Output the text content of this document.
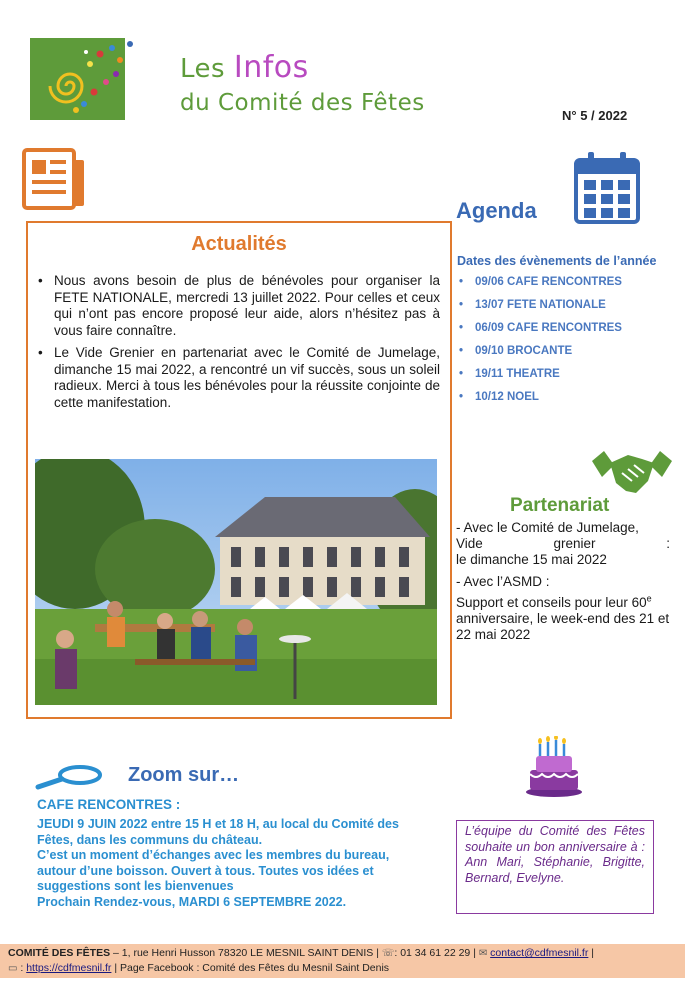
Les Infos
du Comité des Fêtes	N° 5 / 2022
Actualités
• Nous avons besoin de plus de bénévoles pour organiser la FETE NATIONALE, mercredi 13 juillet 2022. Pour celles et ceux qui n’ont pas encore proposé leur aide, alors n’hésitez pas à vous faire connaître.
• Le Vide Grenier en partenariat avec le Comité de Jumelage, dimanche 15 mai 2022, a rencontré un vif succès, sous un soleil radieux. Merci à tous les bénévoles pour la réussite conjointe de cette manifestation.
Agenda
Dates des évènements de l’année
• 09/06 CAFE RENCONTRES
• 13/07 FETE NATIONALE
• 06/09 CAFE RENCONTRES
• 09/10 BROCANTE
• 19/11 THEATRE
• 10/12 NOEL
Partenariat

- Avec le Comité de Jumelage,
Vide	grenier	:
le dimanche 15 mai 2022

- Avec l’ASMD :
Support et conseils pour leur 60e anniversaire, le week-end des 21 et 22 mai 2022

Zoom sur…
CAFE RENCONTRES :

JEUDI 9 JUIN 2022 entre 15 H et 18 H, au local du Comité des Fêtes, dans les communs du château.

C’est un moment d’échanges avec les membres du bureau, autour d’une boisson. Ouvert à tous. Toutes vos idées et suggestions sont les bienvenues

Prochain Rendez-vous, MARDI 6 SEPTEMBRE 2022.

L’équipe du Comité des Fêtes souhaite un bon anniversaire à : Ann Mari, Stéphanie, Brigitte, Bernard, Evelyne.

COMITÉ DES FÊTES – 1, rue Henri Husson 78320 LE MESNIL SAINT DENIS | ☏: 01 34 61 22 29 | ✉ contact@cdfmesnil.fr |
▭ : https://cdfmesnil.fr | Page Facebook : Comité des Fêtes du Mesnil Saint Denis
